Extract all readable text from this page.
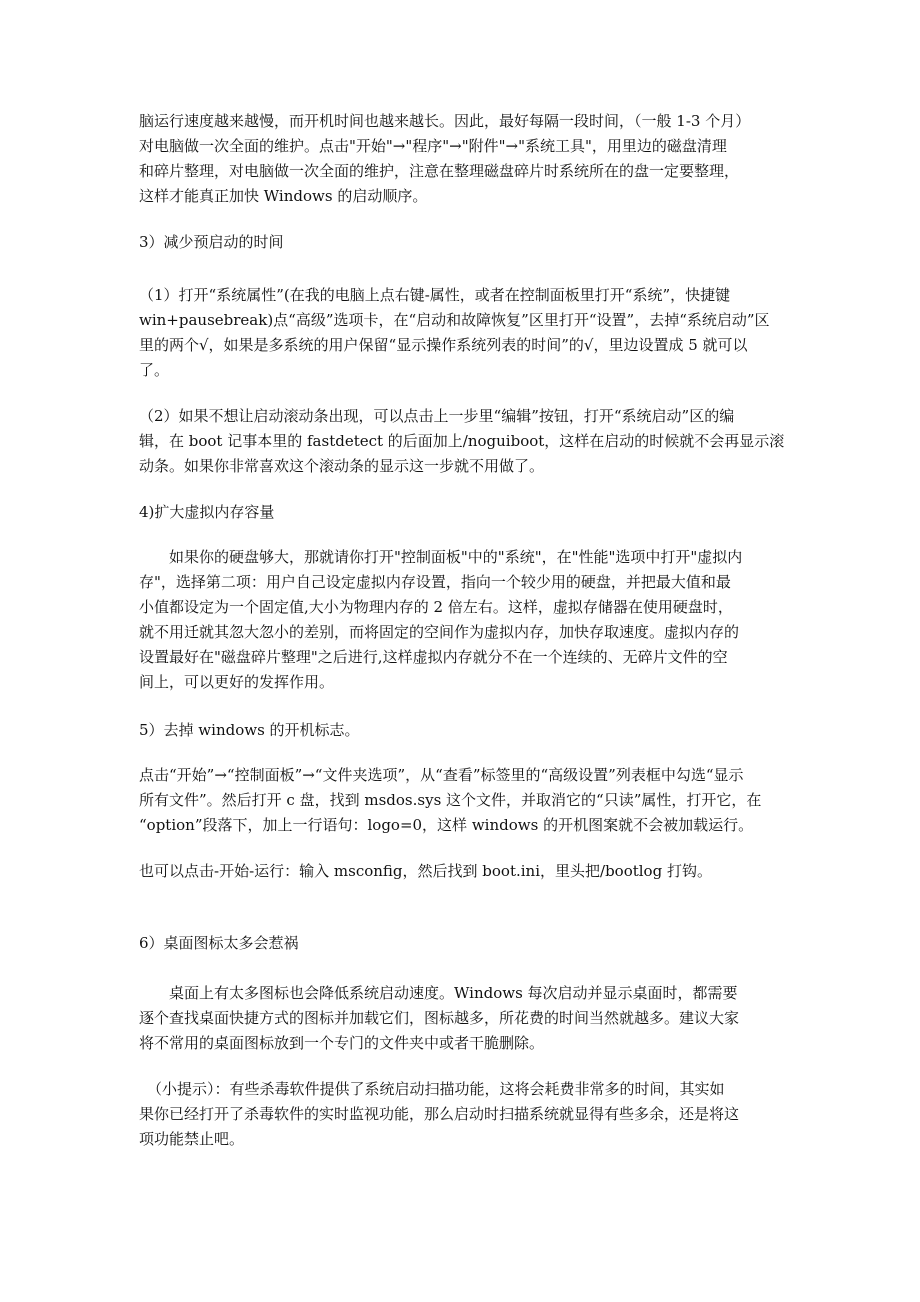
脑运行速度越来越慢，而开机时间也越来越长。因此，最好每隔一段时间，（一般 1-3 个月）
对电脑做一次全面的维护。点击"开始"→"程序"→"附件"→"系统工具"，用里边的磁盘清理
和碎片整理，对电脑做一次全面的维护，注意在整理磁盘碎片时系统所在的盘一定要整理，
这样才能真正加快 Windows 的启动顺序。
3）减少预启动的时间
（1）打开“系统属性”(在我的电脑上点右键-属性，或者在控制面板里打开“系统”，快捷键
win+pausebreak)点“高级”选项卡，在“启动和故障恢复”区里打开“设置”，去掉“系统启动”区
里的两个√，如果是多系统的用户保留“显示操作系统列表的时间”的√，里边设置成 5 就可以
了。
（2）如果不想让启动滚动条出现，可以点击上一步里“编辑”按钮，打开“系统启动”区的编
辑，在 boot 记事本里的 fastdetect 的后面加上/noguiboot，这样在启动的时候就不会再显示滚
动条。如果你非常喜欢这个滚动条的显示这一步就不用做了。
4)扩大虚拟内存容量
如果你的硬盘够大，那就请你打开"控制面板"中的"系统"，在"性能"选项中打开"虚拟内
存"，选择第二项：用户自己设定虚拟内存设置，指向一个较少用的硬盘，并把最大值和最
小值都设定为一个固定值,大小为物理内存的 2 倍左右。这样，虚拟存储器在使用硬盘时，
就不用迁就其忽大忽小的差别，而将固定的空间作为虚拟内存，加快存取速度。虚拟内存的
设置最好在"磁盘碎片整理"之后进行,这样虚拟内存就分不在一个连续的、无碎片文件的空
间上，可以更好的发挥作用。
5）去掉 windows 的开机标志。
点击“开始”→“控制面板”→“文件夹选项”，从“查看”标签里的“高级设置”列表框中勾选“显示
所有文件”。然后打开 c 盘，找到 msdos.sys 这个文件，并取消它的“只读”属性，打开它，在
“option”段落下，加上一行语句：logo=0，这样 windows 的开机图案就不会被加载运行。
也可以点击-开始-运行：输入 msconfig，然后找到 boot.ini，里头把/bootlog 打钩。
6）桌面图标太多会惹祸
桌面上有太多图标也会降低系统启动速度。Windows 每次启动并显示桌面时，都需要
逐个查找桌面快捷方式的图标并加载它们，图标越多，所花费的时间当然就越多。建议大家
将不常用的桌面图标放到一个专门的文件夹中或者干脆删除。
（小提示）：有些杀毒软件提供了系统启动扫描功能，这将会耗费非常多的时间，其实如
果你已经打开了杀毒软件的实时监视功能，那么启动时扫描系统就显得有些多余，还是将这
项功能禁止吧。
